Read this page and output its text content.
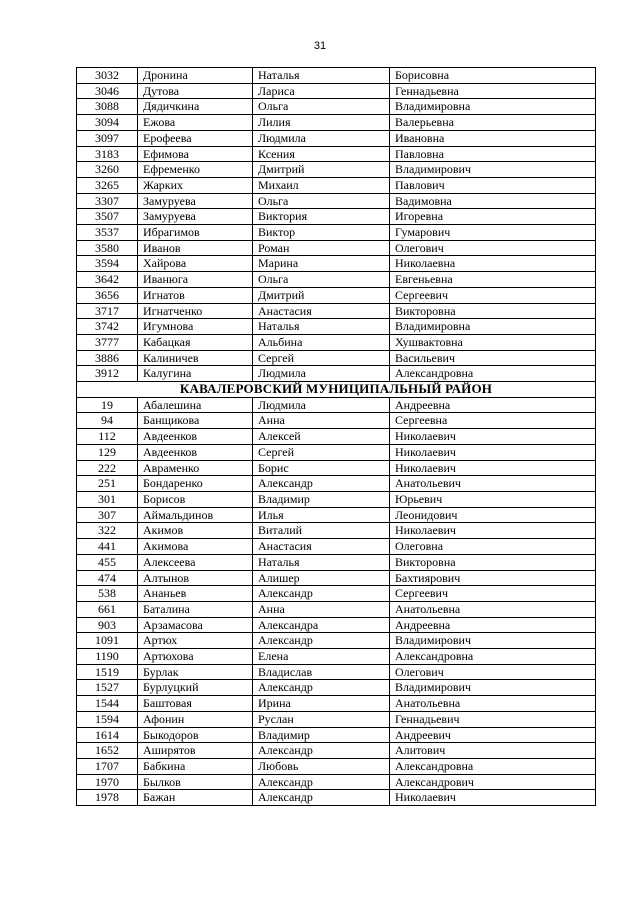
31
3032	Дронина	Наталья	Борисовна
3046	Дутова	Лариса	Геннадьевна
3088	Дядичкина	Ольга	Владимировна
3094	Ежова	Лилия	Валерьевна
3097	Ерофеева	Людмила	Ивановна
3183	Ефимова	Ксения	Павловна
3260	Ефременко	Дмитрий	Владимирович
3265	Жарких	Михаил	Павлович
3307	Замуруева	Ольга	Вадимовна
3507	Замуруева	Виктория	Игоревна
3537	Ибрагимов	Виктор	Гумарович
3580	Иванов	Роман	Олегович
3594	Хайрова	Марина	Николаевна
3642	Иванюга	Ольга	Евгеньевна
3656	Игнатов	Дмитрий	Сергеевич
3717	Игнатченко	Анастасия	Викторовна
3742	Игумнова	Наталья	Владимировна
3777	Кабацкая	Альбина	Хушвактовна
3886	Калиничев	Сергей	Васильевич
3912	Калугина	Людмила	Александровна
КАВАЛЕРОВСКИЙ МУНИЦИПАЛЬНЫЙ РАЙОН			
19	Абалешина	Людмила	Андреевна
94	Банщикова	Анна	Сергеевна
112	Авдеенков	Алексей	Николаевич
129	Авдеенков	Сергей	Николаевич
222	Авраменко	Борис	Николаевич
251	Бондаренко	Александр	Анатольевич
301	Борисов	Владимир	Юрьевич
307	Аймальдинов	Илья	Леонидович
322	Акимов	Виталий	Николаевич
441	Акимова	Анастасия	Олеговна
455	Алексеева	Наталья	Викторовна
474	Алтынов	Алишер	Бахтиярович
538	Ананьев	Александр	Сергеевич
661	Баталина	Анна	Анатольевна
903	Арзамасова	Александра	Андреевна
1091	Артюх	Александр	Владимирович
1190	Артюхова	Елена	Александровна
1519	Бурлак	Владислав	Олегович
1527	Бурлуцкий	Александр	Владимирович
1544	Баштовая	Ирина	Анатольевна
1594	Афонин	Руслан	Геннадьевич
1614	Быкодоров	Владимир	Андреевич
1652	Аширятов	Александр	Алитович
1707	Бабкина	Любовь	Александровна
1970	Былков	Александр	Александрович
1978	Бажан	Александр	Николаевич
